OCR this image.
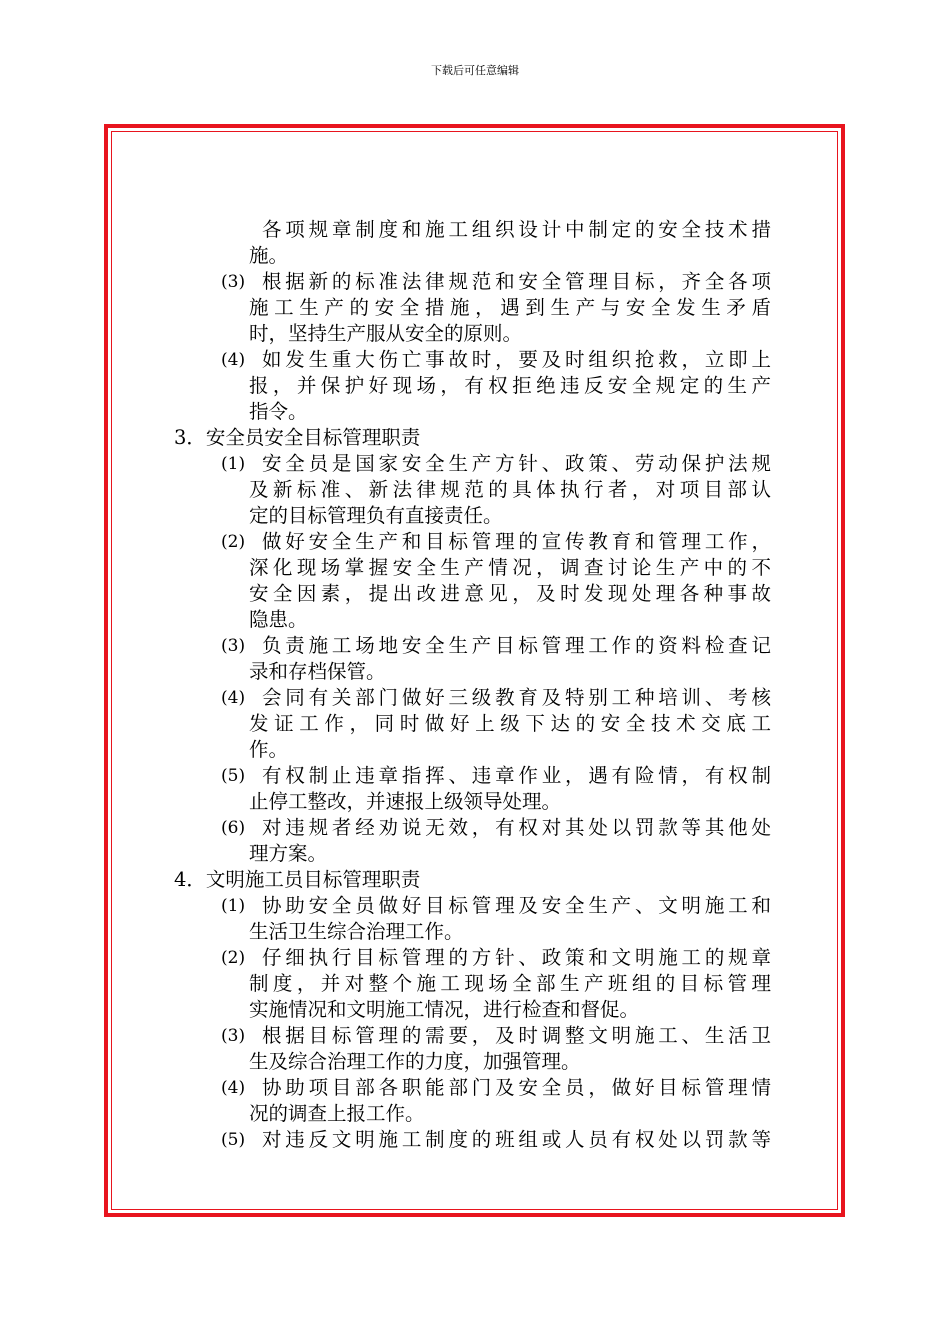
下载后可任意编辑
各项规章制度和施工组织设计中制定的安全技术措
施。
(3) 根据新的标准法律规范和安全管理目标，齐全各项
施工生产的安全措施，遇到生产与安全发生矛盾
时，坚持生产服从安全的原则。
(4) 如发生重大伤亡事故时，要及时组织抢救，立即上
报，并保护好现场，有权拒绝违反安全规定的生产
指令。
3．安全员安全目标管理职责
(1) 安全员是国家安全生产方针、政策、劳动保护法规
及新标准、新法律规范的具体执行者，对项目部认
定的目标管理负有直接责任。
(2) 做好安全生产和目标管理的宣传教育和管理工作，
深化现场掌握安全生产情况，调查讨论生产中的不
安全因素，提出改进意见，及时发现处理各种事故
隐患。
(3) 负责施工场地安全生产目标管理工作的资料检查记
录和存档保管。
(4) 会同有关部门做好三级教育及特别工种培训、考核
发证工作，同时做好上级下达的安全技术交底工
作。
(5) 有权制止违章指挥、违章作业，遇有险情，有权制
止停工整改，并速报上级领导处理。
(6) 对违规者经劝说无效，有权对其处以罚款等其他处
理方案。
4．文明施工员目标管理职责
(1) 协助安全员做好目标管理及安全生产、文明施工和
生活卫生综合治理工作。
(2) 仔细执行目标管理的方针、政策和文明施工的规章
制度，并对整个施工现场全部生产班组的目标管理
实施情况和文明施工情况，进行检查和督促。
(3) 根据目标管理的需要，及时调整文明施工、生活卫
生及综合治理工作的力度，加强管理。
(4) 协助项目部各职能部门及安全员，做好目标管理情
况的调查上报工作。
(5) 对违反文明施工制度的班组或人员有权处以罚款等
